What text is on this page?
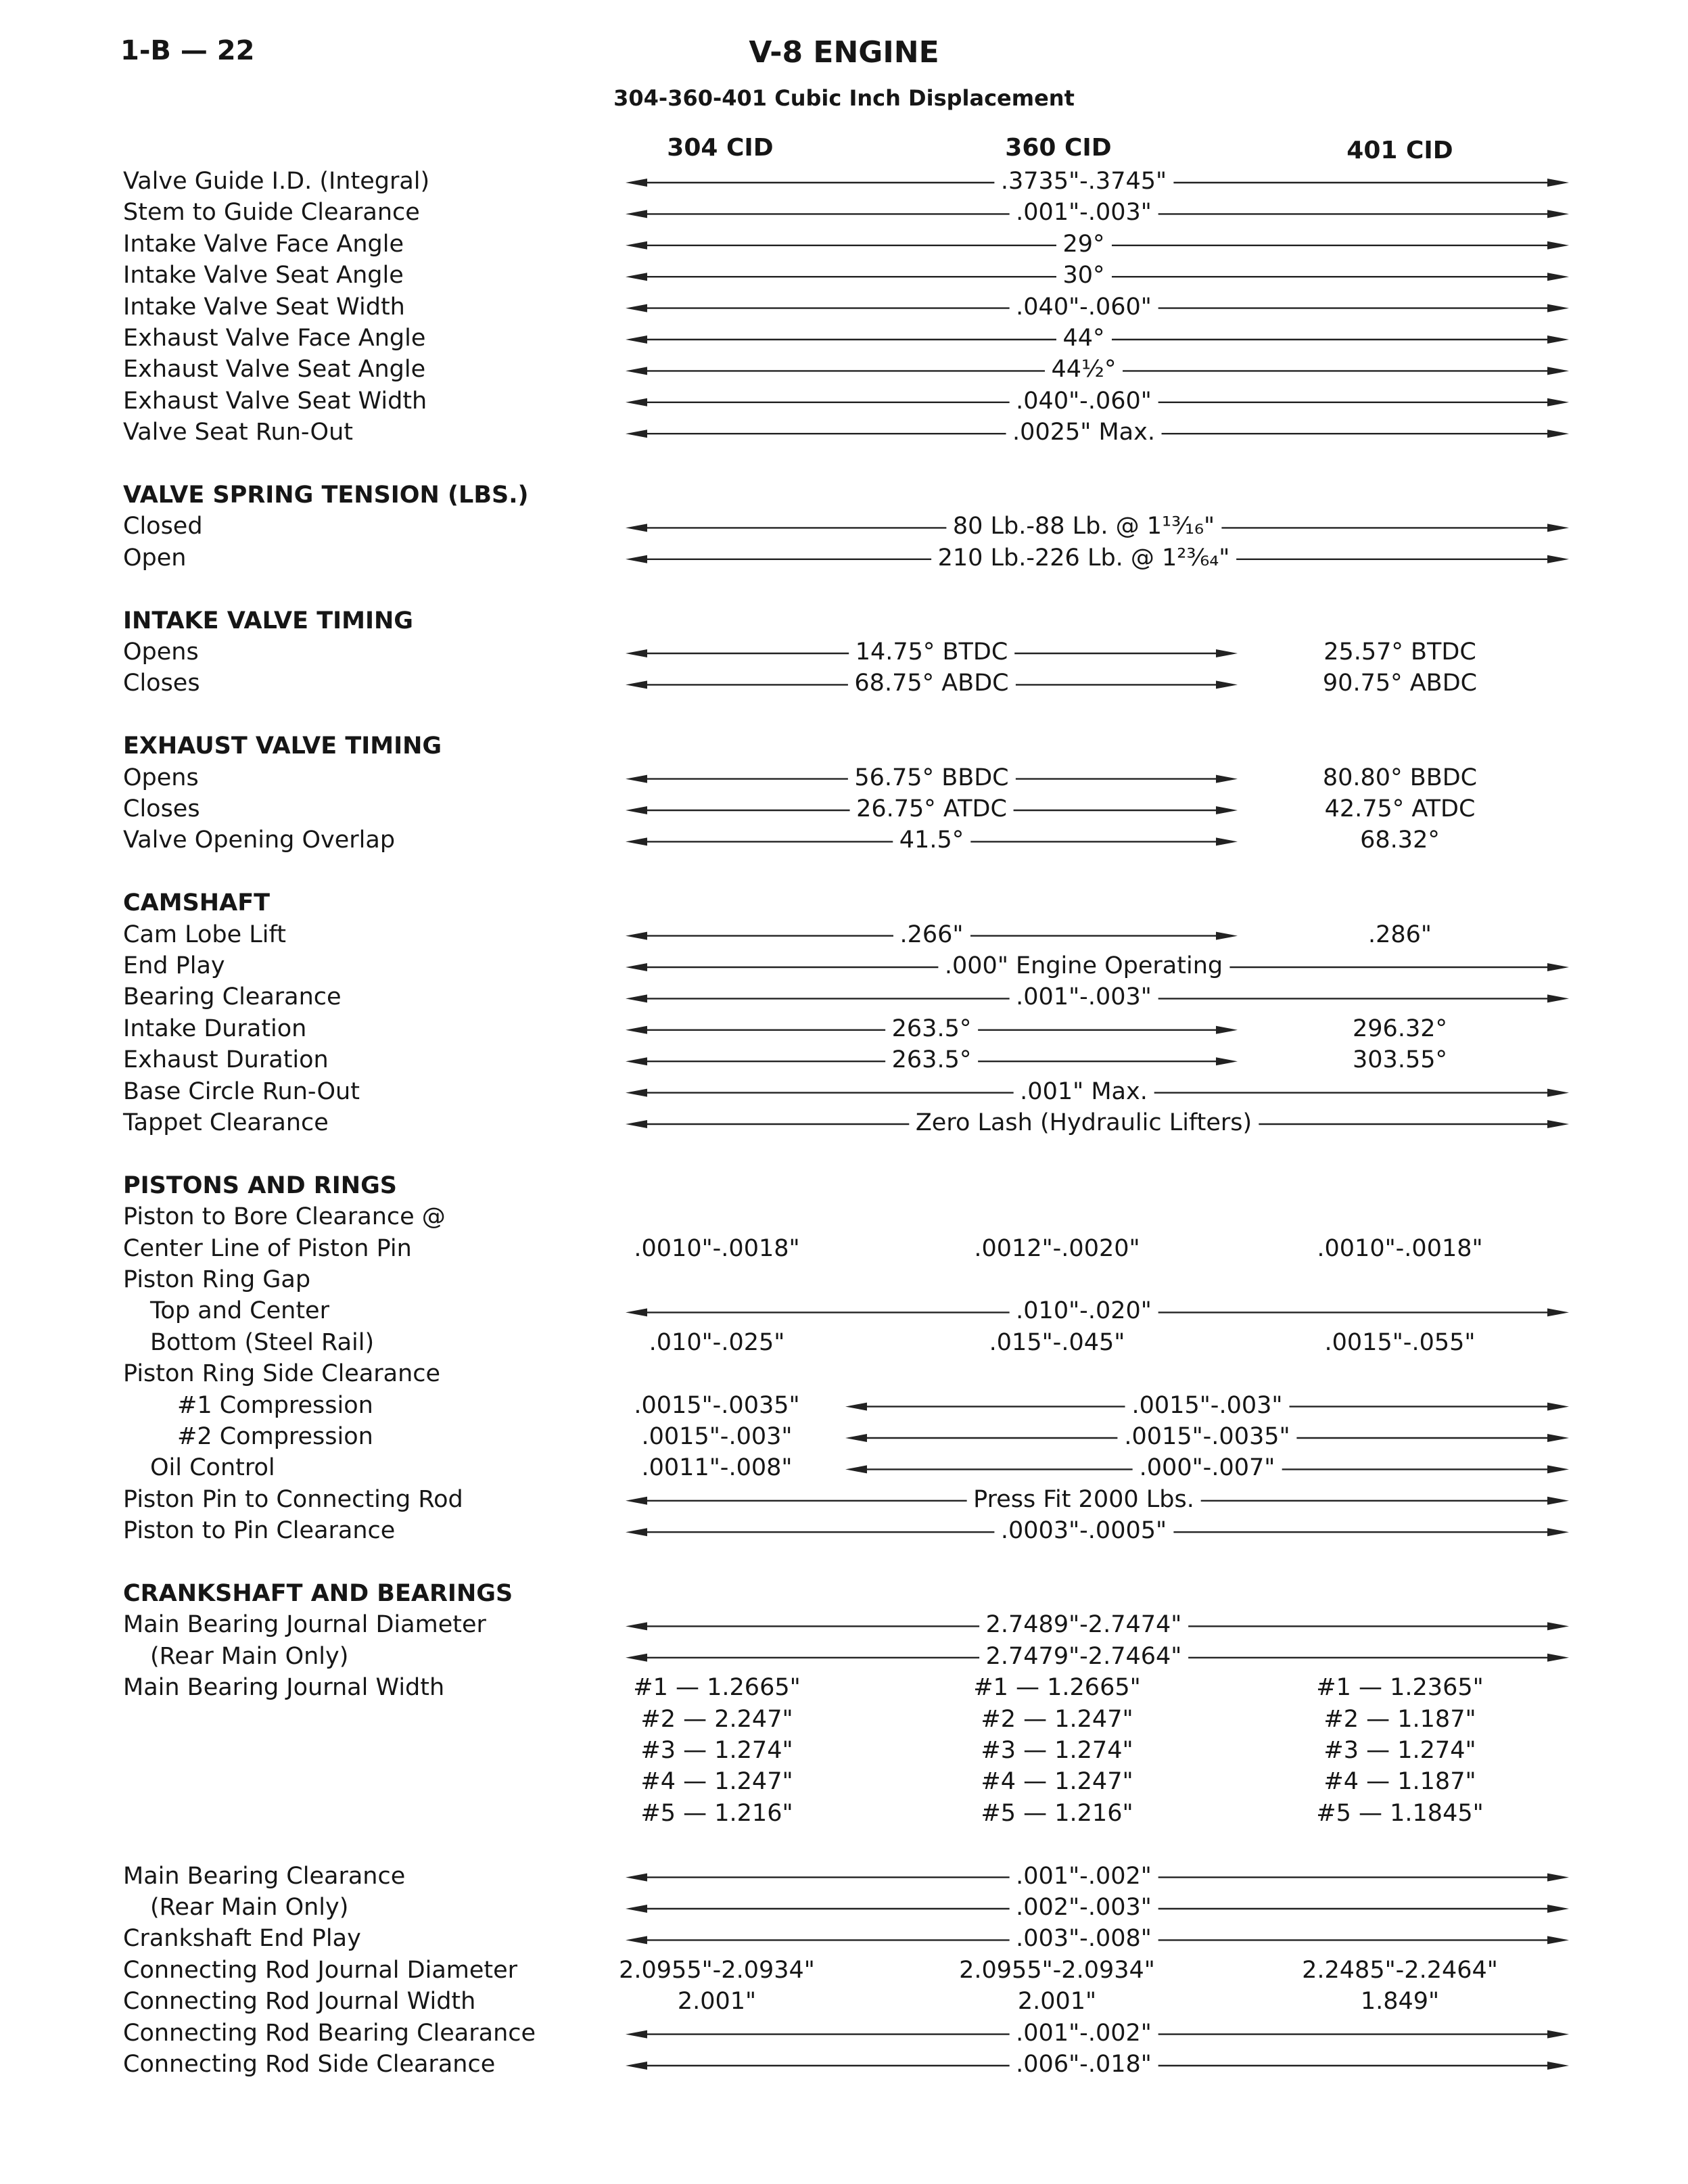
1-B — 22	V-8 ENGINE
304-360-401 Cubic Inch Displacement
304 CID	360 CID	401 CID
Valve Guide I.D. (Integral)	.3735"-.3745"
Stem to Guide Clearance	.001"-.003"
Intake Valve Face Angle	29°
Intake Valve Seat Angle	30°
Intake Valve Seat Width	.040"-.060"
Exhaust Valve Face Angle	44°
Exhaust Valve Seat Angle	44½°
Exhaust Valve Seat Width	.040"-.060"
Valve Seat Run-Out	.0025" Max.
VALVE SPRING TENSION (LBS.)
Closed	80 Lb.-88 Lb. @ 1¹³⁄₁₆"
Open	210 Lb.-226 Lb. @ 1²³⁄₆₄"
INTAKE VALVE TIMING
Opens	14.75° BTDC	25.57° BTDC
Closes	68.75° ABDC	90.75° ABDC
EXHAUST VALVE TIMING
Opens	56.75° BBDC	80.80° BBDC
Closes	26.75° ATDC	42.75° ATDC
Valve Opening Overlap	41.5°	68.32°
CAMSHAFT
Cam Lobe Lift	.266"	.286"
End Play	.000" Engine Operating
Bearing Clearance	.001"-.003"
Intake Duration	263.5°	296.32°
Exhaust Duration	263.5°	303.55°
Base Circle Run-Out	.001" Max.
Tappet Clearance	Zero Lash (Hydraulic Lifters)
PISTONS AND RINGS
Piston to Bore Clearance @
Center Line of Piston Pin	.0010"-.0018"	.0012"-.0020"	.0010"-.0018"
Piston Ring Gap
Top and Center	.010"-.020"
Bottom (Steel Rail)	.010"-.025"	.015"-.045"	.0015"-.055"
Piston Ring Side Clearance
#1 Compression	.0015"-.0035"	.0015"-.003"
#2 Compression	.0015"-.003"	.0015"-.0035"
Oil Control	.0011"-.008"	.000"-.007"
Piston Pin to Connecting Rod	Press Fit 2000 Lbs.
Piston to Pin Clearance	.0003"-.0005"
CRANKSHAFT AND BEARINGS
Main Bearing Journal Diameter	2.7489"-2.7474"
(Rear Main Only)	2.7479"-2.7464"
Main Bearing Journal Width	#1 — 1.2665"	#1 — 1.2665"	#1 — 1.2365"
#2 — 2.247"	#2 — 1.247"	#2 — 1.187"
#3 — 1.274"	#3 — 1.274"	#3 — 1.274"
#4 — 1.247"	#4 — 1.247"	#4 — 1.187"
#5 — 1.216"	#5 — 1.216"	#5 — 1.1845"
Main Bearing Clearance	.001"-.002"
(Rear Main Only)	.002"-.003"
Crankshaft End Play	.003"-.008"
Connecting Rod Journal Diameter	2.0955"-2.0934"	2.0955"-2.0934"	2.2485"-2.2464"
Connecting Rod Journal Width	2.001"	2.001"	1.849"
Connecting Rod Bearing Clearance	.001"-.002"
Connecting Rod Side Clearance	.006"-.018"
